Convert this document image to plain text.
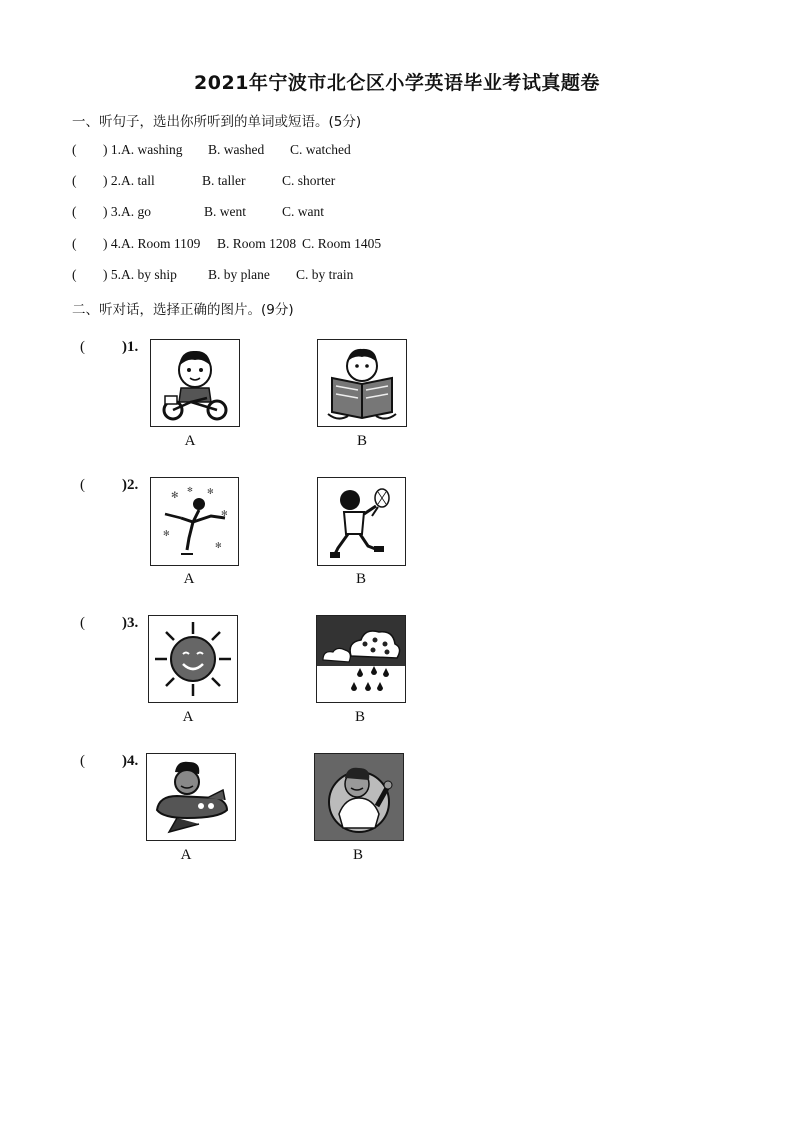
2021年宁波市北仑区小学英语毕业考试真题卷
一、听句子，选出你所听到的单词或短语。(5分)
( ) 1.A. washing B. washed C. watched
( ) 2.A. tall	B. taller	C. shorter
( ) 3.A. go	B. went	C. want
( ) 4.A. Room 1109 B. Room 1208 C. Room 1405
( ) 5.A. by ship B. by plane C. by train
二、听对话，选择正确的图片。(9分)
( )1.
A	B
( )2.
✻	✻
✻
✻
✻
✻
A	B
( )3.
A	B
( )4.
A	B
